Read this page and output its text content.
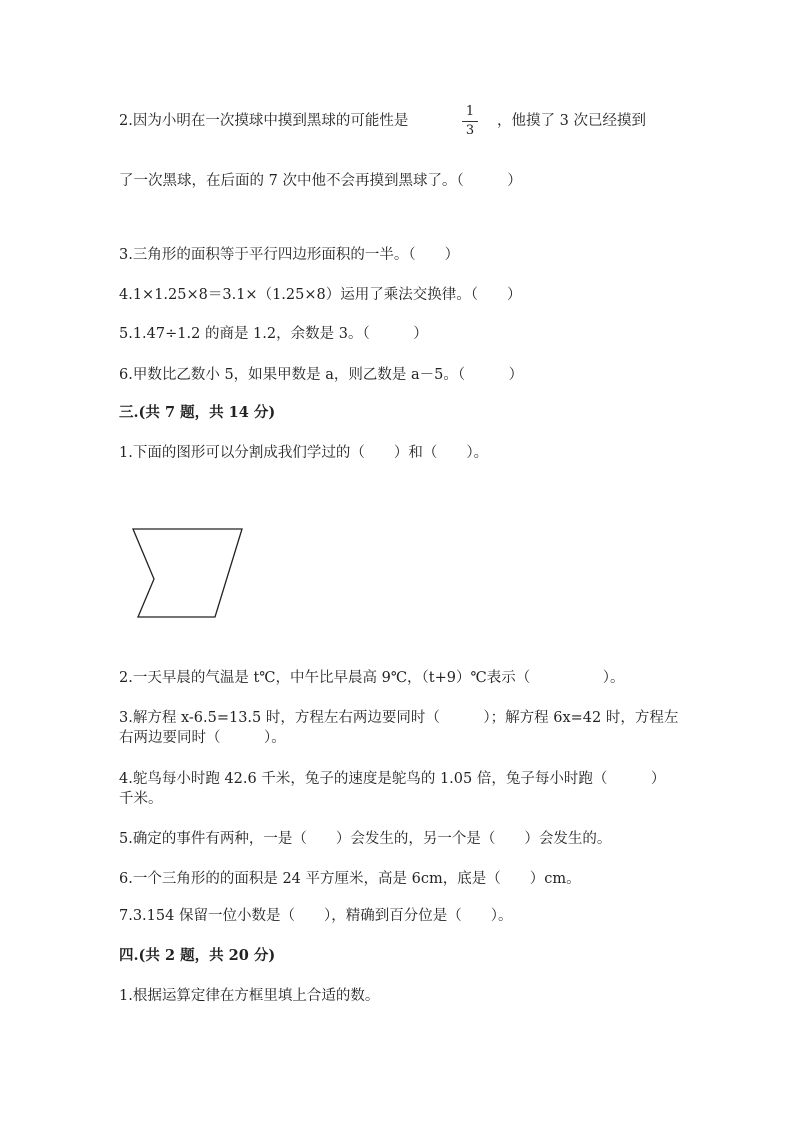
2.因为小明在一次摸球中摸到黑球的可能性是
1
3
，他摸了 3 次已经摸到
了一次黑球，在后面的 7 次中他不会再摸到黑球了。（　　　）
3.三角形的面积等于平行四边形面积的一半。（　　）
4.1×1.25×8＝3.1×（1.25×8）运用了乘法交换律。（　　）
5.1.47÷1.2 的商是 1.2，余数是 3。（　　　）
6.甲数比乙数小 5，如果甲数是 a，则乙数是 a－5。（　　　）
三.(共 7 题，共 14 分)
1.下面的图形可以分割成我们学过的（　　）和（　　）。
2.一天早晨的气温是 t℃，中午比早晨高 9℃，（t+9）℃表示（　　　　　）。
3.解方程 x-6.5=13.5 时，方程左右两边要同时（　　　）；解方程 6x=42 时，方程左右两边要同时（　　　）。
4.鸵鸟每小时跑 42.6 千米，兔子的速度是鸵鸟的 1.05 倍，兔子每小时跑（　　　）千米。
5.确定的事件有两种，一是（　　）会发生的，另一个是（　　）会发生的。
6.一个三角形的的面积是 24 平方厘米，高是 6cm，底是（　　）cm。
7.3.154 保留一位小数是（　　），精确到百分位是（　　）。
四.(共 2 题，共 20 分)
1.根据运算定律在方框里填上合适的数。
